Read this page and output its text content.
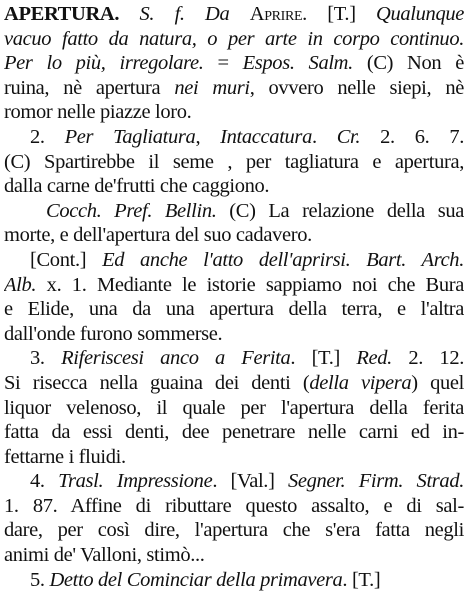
APERTURA. S. f. Da Aprire. [T.] Qualunque
vacuo fatto da natura, o per arte in corpo continuo.
Per lo più, irregolare. = Espos. Salm. (C) Non è
ruina, nè apertura nei muri, ovvero nelle siepi, nè
romor nelle piazze loro.
2. Per Tagliatura, Intaccatura. Cr. 2. 6. 7.
(C) Spartirebbe il seme , per tagliatura e apertura,
dalla carne de'frutti che caggiono.
Cocch. Pref. Bellin. (C) La relazione della sua
morte, e dell'apertura del suo cadavero.
[Cont.] Ed anche l'atto dell'aprirsi. Bart. Arch.
Alb. x. 1. Mediante le istorie sappiamo noi che Bura
e Elide, una da una apertura della terra, e l'altra
dall'onde furono sommerse.
3. Riferiscesi anco a Ferita. [T.] Red. 2. 12.
Si risecca nella guaina dei denti (della vipera) quel
liquor velenoso, il quale per l'apertura della ferita
fatta da essi denti, dee penetrare nelle carni ed in-
fettarne i fluidi.
4. Trasl. Impressione. [Val.] Segner. Firm. Strad.
1. 87. Affine di ributtare questo assalto, e di sal-
dare, per così dire, l'apertura che s'era fatta negli
animi de' Valloni, stimò...
5. Detto del Cominciar della primavera. [T.]
